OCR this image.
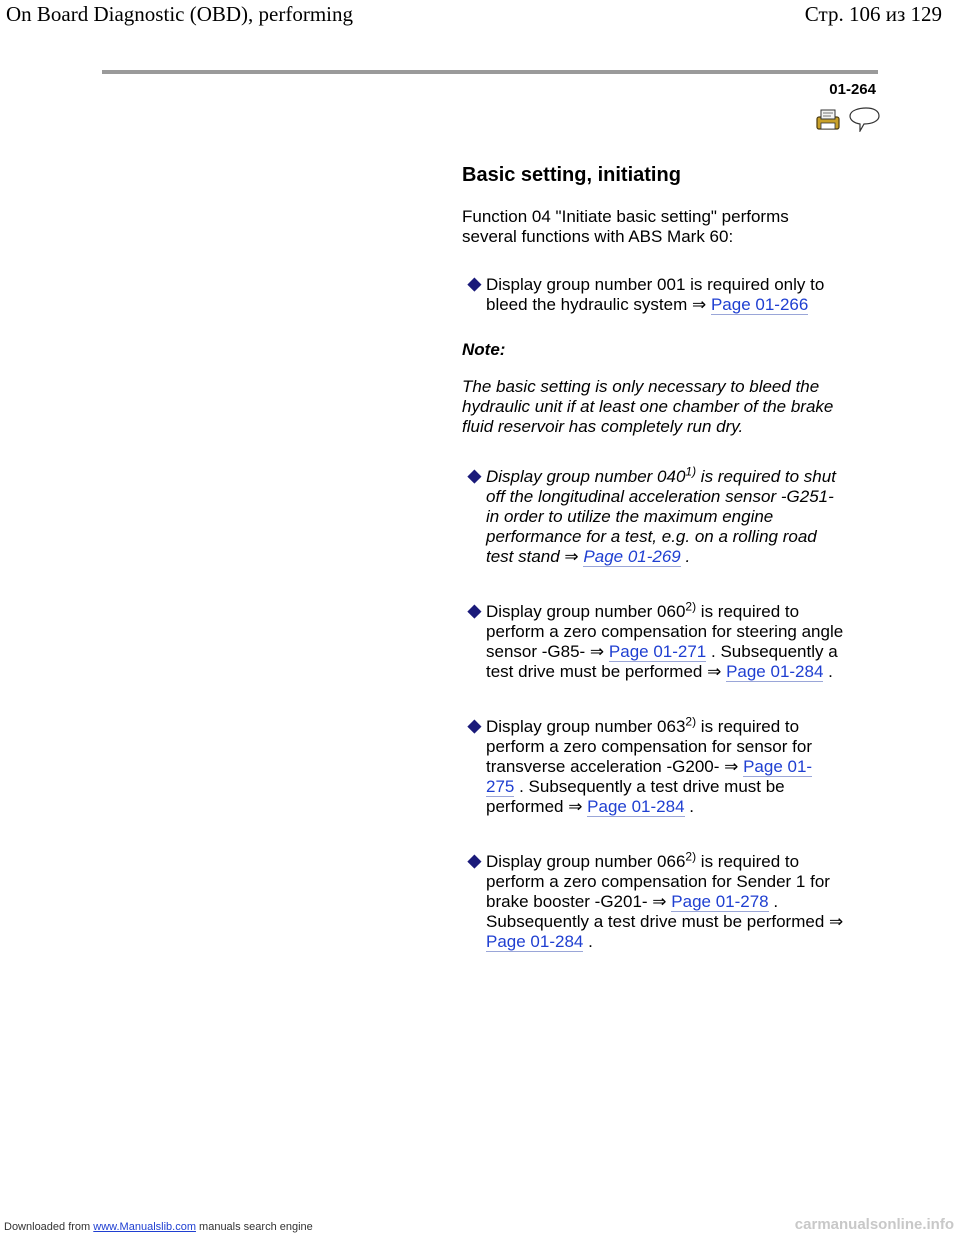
On Board Diagnostic (OBD), performing	Стр. 106 из 129
01-264
Basic setting, initiating
Function 04 "Initiate basic setting" performs
several functions with ABS Mark 60:
Display group number 001 is required only to
bleed the hydraulic system ⇒ Page 01-266
Note:
The basic setting is only necessary to bleed the
hydraulic unit if at least one chamber of the brake
fluid reservoir has completely run dry.
Display group number 040$^{1)}$ is required to shut
off the longitudinal acceleration sensor -G251-
in order to utilize the maximum engine
performance for a test, e.g. on a rolling road
test stand ⇒ Page 01-269 .
Display group number 060$^{2)}$ is required to
perform a zero compensation for steering angle
sensor -G85- ⇒ Page 01-271 . Subsequently a
test drive must be performed ⇒ Page 01-284 .
Display group number 063$^{2)}$ is required to
perform a zero compensation for sensor for
transverse acceleration -G200- ⇒ Page 01-
275 . Subsequently a test drive must be
performed ⇒ Page 01-284 .
Display group number 066$^{2)}$ is required to
perform a zero compensation for Sender 1 for
brake booster -G201- ⇒ Page 01-278 .
Subsequently a test drive must be performed ⇒
Page 01-284 .
Downloaded from www.Manualslib.com manuals search engine	carmanualsonline.info
